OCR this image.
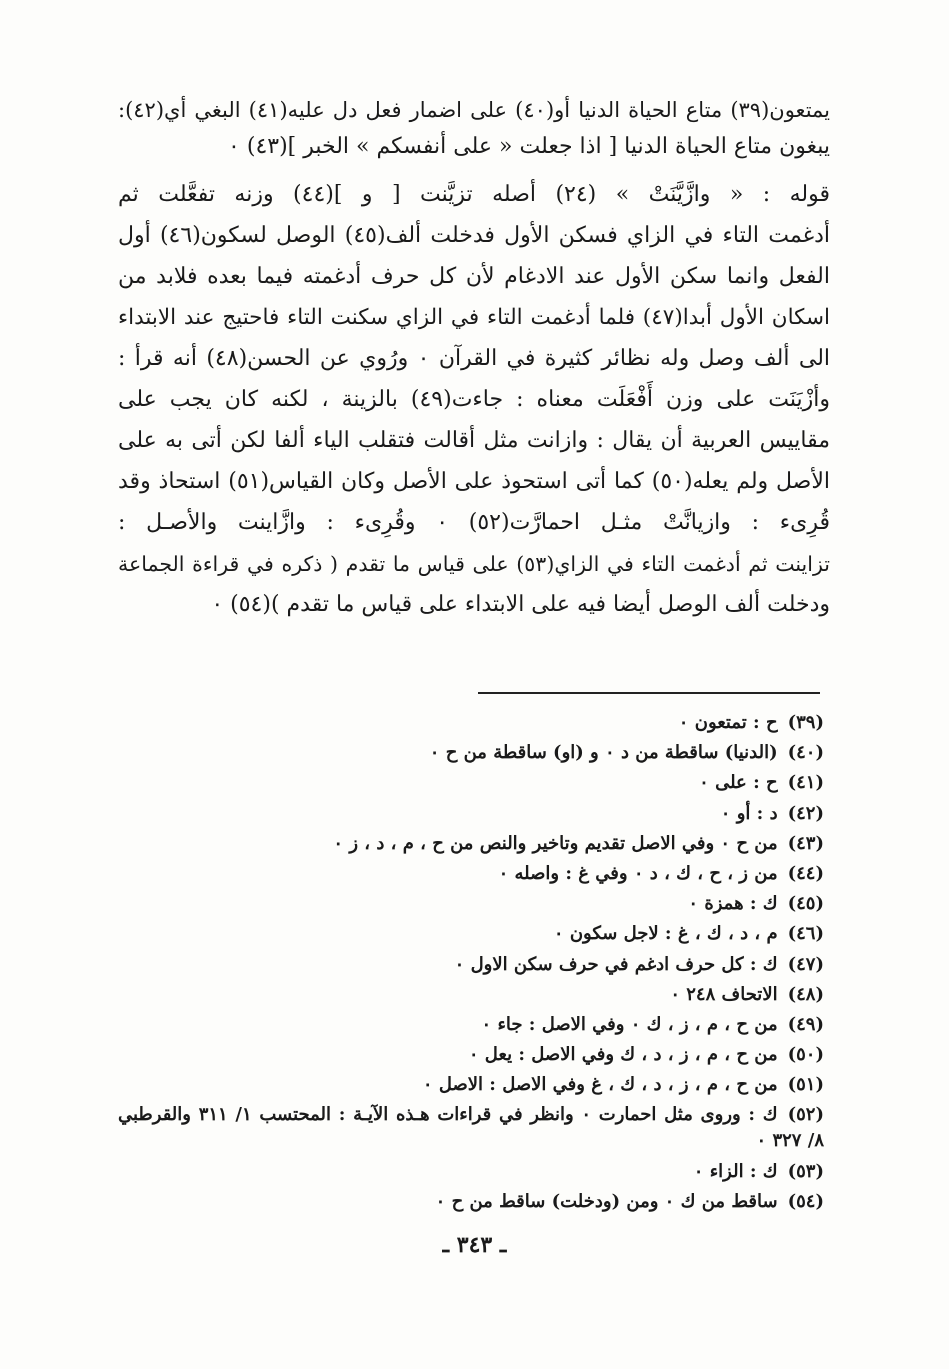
يمتعون(٣٩) متاع الحياة الدنيا أو(٤٠) على اضمار فعل دل عليه(٤١) البغي أي(٤٢):

يبغون متاع الحياة الدنيا [ اذا جعلت « على أنفسكم » الخبر ](٤٣) ٠

قوله : « وازَّيَّنَتْ » (٢٤) أصله تزيَّنت [ و ](٤٤) وزنه تفعَّلت ثم

أدغمت التاء في الزاي فسكن الأول فدخلت ألف(٤٥) الوصل لسكون(٤٦) أول

الفعل وانما سكن الأول عند الادغام لأن كل حرف أدغمته فيما بعده فلابد من

اسكان الأول أبدا(٤٧) فلما أدغمت التاء في الزاي سكنت التاء فاحتيج عند الابتداء

الى ألف وصل وله نظائر كثيرة في القرآن ٠ ورُوي عن الحسن(٤٨) أنه قرأ :

وأزْيَنَت على وزن أَفْعَلَت معناه : جاءت(٤٩) بالزينة ، لكنه كان يجب على

مقاييس العربية أن يقال : وازانت مثل أقالت فتقلب الياء ألفا لكن أتى به على

الأصل ولم يعله(٥٠) كما أتى استحوذ على الأصل وكان القياس(٥١) استحاذ وقد

قُرِىء : وازيانَّتْ مثـل احمارَّت(٥٢) ٠ وقُرِىء : وازَّاينت والأصـل :

تزاينت ثم أدغمت التاء في الزاي(٥٣) على قياس ما تقدم ( ذكره في قراءة الجماعة

ودخلت ألف الوصل أيضا فيه على الابتداء على قياس ما تقدم )(٥٤) ٠

(٣٩)ح : تمتعون ٠

(٤٠)(الدنيا) ساقطة من د ٠ و (او) ساقطة من ح ٠

(٤١)ح : على ٠

(٤٢)د : أو ٠

(٤٣)من ح ٠ وفي الاصل تقديم وتاخير والنص من ح ، م ، د ، ز ٠

(٤٤)من ز ، ح ، ك ، د ٠ وفي غ : واصله ٠

(٤٥)ك : همزة ٠

(٤٦)م ، د ، ك ، غ : لاجل سكون ٠

(٤٧)ك : كل حرف ادغم في حرف سكن الاول ٠

(٤٨)الاتحاف ٢٤٨ ٠

(٤٩)من ح ، م ، ز ، ك ٠ وفي الاصل : جاء ٠

(٥٠)من ح ، م ، ز ، د ، ك وفي الاصل : يعل ٠

(٥١)من ح ، م ، ز ، د ، ك ، غ وفي الاصل : الاصل ٠

(٥٢)ك : وروى مثل احمارت ٠ وانظر في قراءات هـذه الآيـة : المحتسب ١/ ٣١١ والقرطبي ٨/ ٣٢٧ ٠

(٥٣)ك : الزاء ٠

(٥٤)ساقط من ك ٠ ومن (ودخلت) ساقط من ح ٠

ـ ٣٤٣ ـ
